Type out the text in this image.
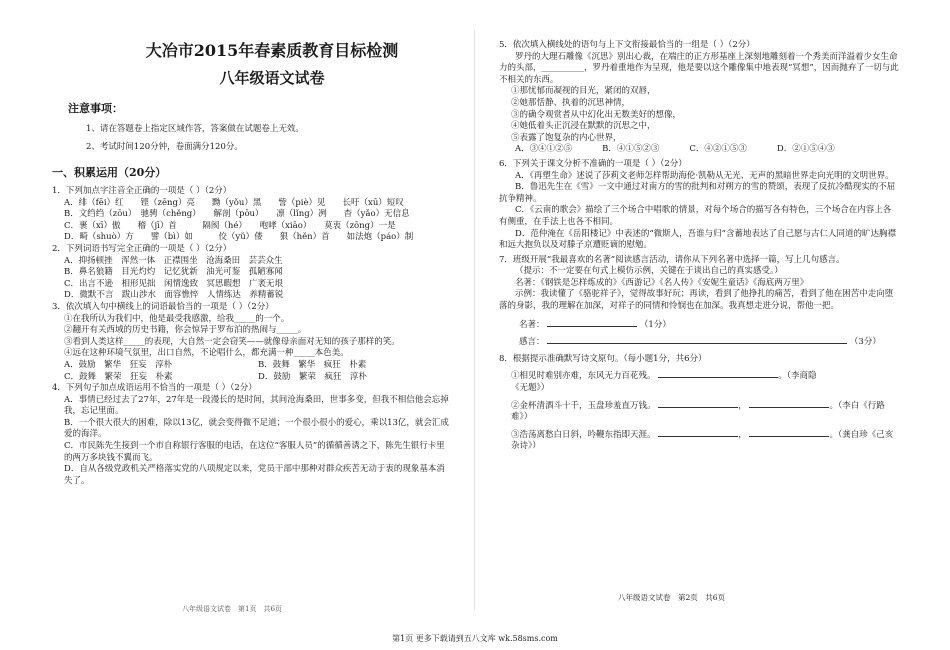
大冶市2015年春素质教育目标检测
八年级语文试卷
注意事项：
1、请在答题卷上指定区域作答，答案做在试题卷上无效。
2、考试时间120分钟，卷面满分120分。
一、积累运用（20分）

1．下列加点字注音全正确的一项是（ ）（2分）

A．绯（fēi）红　　铿（zēng）亮　　黝（yǒu）黑　　訾（piè）见　　长吁（xū）短叹

B．文绉绉（zōu）　驰骋（chěng）　　解剖（pōu）　　凛（lǐng）冽　　杳（yǎo）无信息

C．裹（xī）傲　　稽（jī）首　　　隔阂（hé）　　咆哮（xiāo）　　莫衷（zōng）一是

D．畸（shuò）方　　譬（bì）如　　　佼（yǔ）偻　　狠（hěn）首　　如法炮（páo）制

2．下列词语书写完全正确的一项是（ ）（2分）

A．抑扬顿挫　浑然一体　正襟围坐　沧海桑田　芸芸众生

B．鼻名狼籍　目光灼灼　记忆犹新　油光可鉴　孤陋寡闻

C．出言不逊　相形见拙　闲情逸致　冥思暇想　广袤无垠

D．微默不言　跋山涉水　面容憔悴　人情练达　养精蓄锐

3．依次填入句中横线上的词语最恰当的一项是（ ）（2分）

①在我所认为我们中，他是最受我感激，给我_____的一个。

②翻开有关西域的历史书籍，你会惊异于罗布泊的热闹与_____。

③看到人类这样_____的表现，大自然一定会窃笑——就像母亲面对无知的孩子那样的笑。

④远在这种环境气氛里，出口自然，不论唱什么，都充满一种_____本色美。

A．鼓励　繁华　狂妄　淳朴	B．鼓舞　繁华　疯狂　朴素
C．鼓舞　繁荣　狂妄　朴素	D．鼓励　繁荣　疯狂　淳朴

4．下列句子加点成语运用不恰当的一项是（ ）（2分）

A．事情已经过去了27年，27年是一段漫长的是时间，其间沧海桑田，世事多变，但我不相信他会忘掉我，忘记里面。

B．一个很大很大的困难，除以13亿，就会变得微不足道；一个很小很小的爱心，乘以13亿，就会汇成爱的海洋。

C．市民陈先生接到一个市自称银行客服的电话，在这位“客服人员”的循循善诱之下，陈先生银行卡里的两万多块钱不翼而飞。

D．自从各级党政机关严格落实党的八项规定以来，党员干部中那种对群众疾苦无动于衷的现象基本消失了。

八年级语文试卷　第1页　共6页

5．依次填入横线处的语句与上下文衔接最恰当的一组是（ ）（2分）

罗丹的大理石雕像《沉思》别出心裁，在端庄的正方形基座上深刻地雕刻着一个秀美而洋溢着少女生命力的头部，__________，罗丹着重地作为呈现，他是要以这个雕像集中地表现“冥想”，因而抛弃了一切与此不相关的东西。

①那忧郁而凝视的目光，紧闭的双唇，

②她那恬静、执着的沉思神情，

③的确令观赏者从中幻化出无数美好的想像，

④她低着头正沉浸在默默的沉思之中，

⑤表露了饱复杂的内心世界，

A．③④①②⑤	B．④①⑤②③	C．④②①⑤③	D．②①⑤④③

6．下列关于课文分析不准确的一项是（ ）（2分）

A．《再塑生命》述说了莎莉文老师怎样帮助海伦·凯勒从无光、无声的黑暗世界走向光明的文明世界。

B．鲁迅先生在《雪》一文中通过对南方的雪的批判和对朔方的雪的赞颂，表现了反抗冷酷现实的不屈抗争精神。

C．《云南的歌会》描绘了三个场合中唱歌的情景，对每个场合的描写各有特色，三个场合在内容上各有侧重，在手法上也各不相同。

D．范仲淹在《岳阳楼记》中表述的“微斯人，吾谁与归”含蓄地表达了自己愿与古仁人同道的旷达胸襟和远大抱负以及对滕子京遭贬谪的慰勉。

7．班级开展“我最喜欢的名著”阅读感言活动，请你从下列名著中选择一篇，写上几句感言。

（提示：不一定要在句式上模仿示例，关键在于谈出自己的真实感受。）

名著：《钢铁是怎样炼成的》《西游记》《名人传》《安妮生童话》《海底两万里》

示例：我读懂了《骆驼祥子》，觉得故事好玩；再读，看到了他挣扎的痛苦，看到了他在困苦中走向堕落的身影，我的理解在加深，对祥子的同情和怜悯也在加深。我真想走进分说，帮他一把。

名著：	（1分）

感言：	（3分）

8．根据提示准确默写诗文原句。（每小题1分，共6分）

①相见时难别亦难，东风无力百花残。	。（李商隐

《无题》）

②金杯清酒斗十千，玉盘珍羞直万钱。	，	。（李白《行路难》）

③浩荡离愁白日斜，吟鞭东指即天涯。	，	。（龚自珍《己亥杂诗》）

八年级语文试卷　第2页　共6页
第1页 更多下载请到五八文库 wk.58sms.com
